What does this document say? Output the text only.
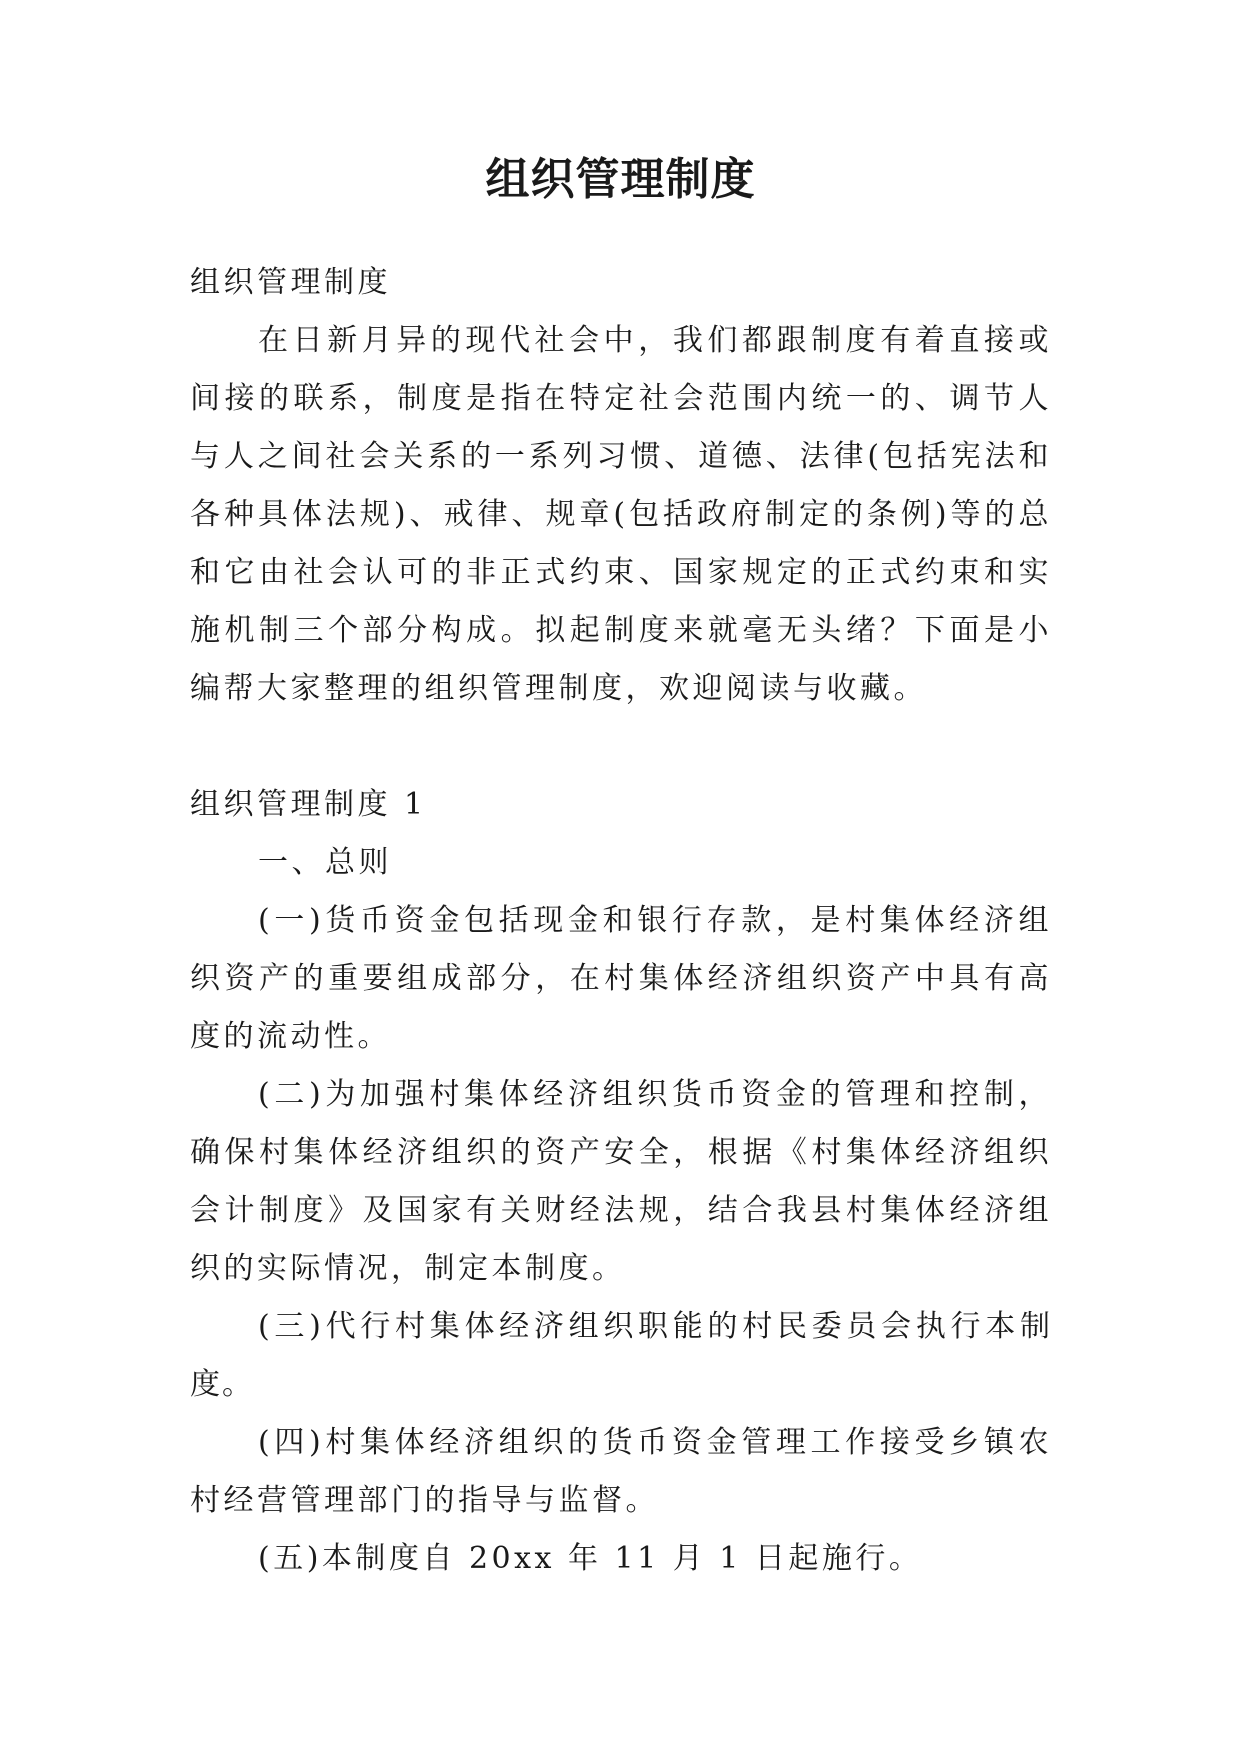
组织管理制度

组织管理制度

在日新月异的现代社会中，我们都跟制度有着直接或间接的联系，制度是指在特定社会范围内统一的、调节人与人之间社会关系的一系列习惯、道德、法律(包括宪法和各种具体法规)、戒律、规章(包括政府制定的条例)等的总和它由社会认可的非正式约束、国家规定的正式约束和实施机制三个部分构成。拟起制度来就毫无头绪？下面是小编帮大家整理的组织管理制度，欢迎阅读与收藏。

组织管理制度 1

一、总则

(一)货币资金包括现金和银行存款，是村集体经济组织资产的重要组成部分，在村集体经济组织资产中具有高度的流动性。

(二)为加强村集体经济组织货币资金的管理和控制，确保村集体经济组织的资产安全，根据《村集体经济组织会计制度》及国家有关财经法规，结合我县村集体经济组织的实际情况，制定本制度。

(三)代行村集体经济组织职能的村民委员会执行本制度。

(四)村集体经济组织的货币资金管理工作接受乡镇农村经营管理部门的指导与监督。

(五)本制度自 20xx 年 11 月 1 日起施行。
